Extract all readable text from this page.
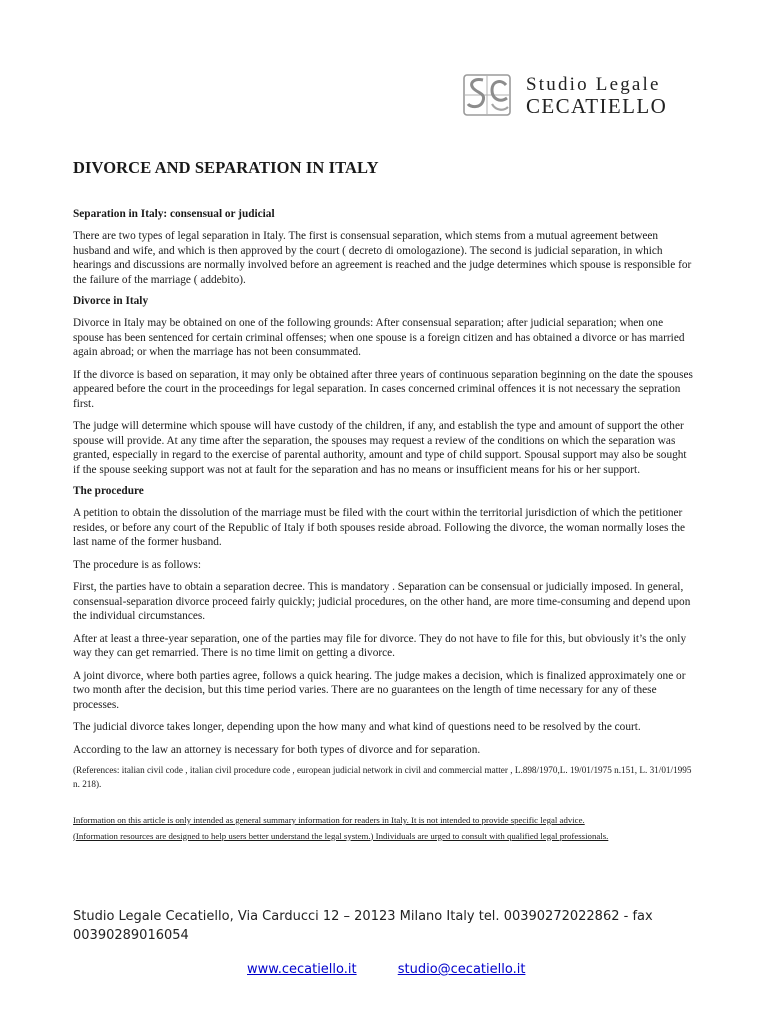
Studio Legale
CECATIELLO
DIVORCE AND SEPARATION IN ITALY
Separation in Italy: consensual or judicial
There are two types of legal separation in Italy. The first is consensual separation, which stems from a mutual agreement between husband and wife, and which is then approved by the court ( decreto di omologazione). The second is judicial separation, in which hearings and discussions are normally involved before an agreement is reached and the judge determines which spouse is responsible for the failure of the marriage ( addebito).
Divorce in Italy
Divorce in Italy may be obtained on one of the following grounds: After consensual separation; after judicial separation; when one spouse has been sentenced for certain criminal offenses; when one spouse is a foreign citizen and has obtained a divorce or has married again abroad; or when the marriage has not been consummated.
If the divorce is based on separation, it may only be obtained after three years of continuous separation beginning on the date the spouses appeared before the court in the proceedings for legal separation. In cases concerned criminal offences it is not necessary the sepration first.
The judge will determine which spouse will have custody of the children, if any, and establish the type and amount of support the other spouse will provide. At any time after the separation, the spouses may request a review of the conditions on which the separation was granted, especially in regard to the exercise of parental authority, amount and type of child support. Spousal support may also be sought if the spouse seeking support was not at fault for the separation and has no means or insufficient means for his or her support.
The procedure
A petition to obtain the dissolution of the marriage must be filed with the court within the territorial jurisdiction of which the petitioner resides, or before any court of the Republic of Italy if both spouses reside abroad. Following the divorce, the woman normally loses the last name of the former husband.
The procedure is as follows:
First, the parties have to obtain a separation decree. This is mandatory . Separation can be consensual or judicially imposed. In general, consensual-separation divorce proceed fairly quickly; judicial procedures, on the other hand, are more time-consuming and depend upon the individual circumstances.
After at least a three-year separation, one of the parties may file for divorce. They do not have to file for this, but obviously it’s the only way they can get remarried. There is no time limit on getting a divorce.
A joint divorce, where both parties agree, follows a quick hearing. The judge makes a decision, which is finalized approximately one or two month after the decision, but this time period varies. There are no guarantees on the length of time necessary for any of these processes.
The judicial divorce takes longer, depending upon the how many and what kind of questions need to be resolved by the court.
According to the law an attorney is necessary for both types of divorce and for separation.
(References: italian civil code , italian civil procedure code , european judicial network in civil and commercial matter , L.898/1970,L. 19/01/1975 n.151, L. 31/01/1995 n. 218).
Information on this article is only intended as general summary information for readers in Italy. It is not intended to provide specific legal advice.
(Information resources are designed to help users better understand the legal system.) Individuals are urged to consult with qualified legal professionals.
Studio Legale Cecatiello, Via Carducci 12 – 20123 Milano Italy tel. 00390272022862 - fax 00390289016054
www.cecatiello.it	studio@cecatiello.it
